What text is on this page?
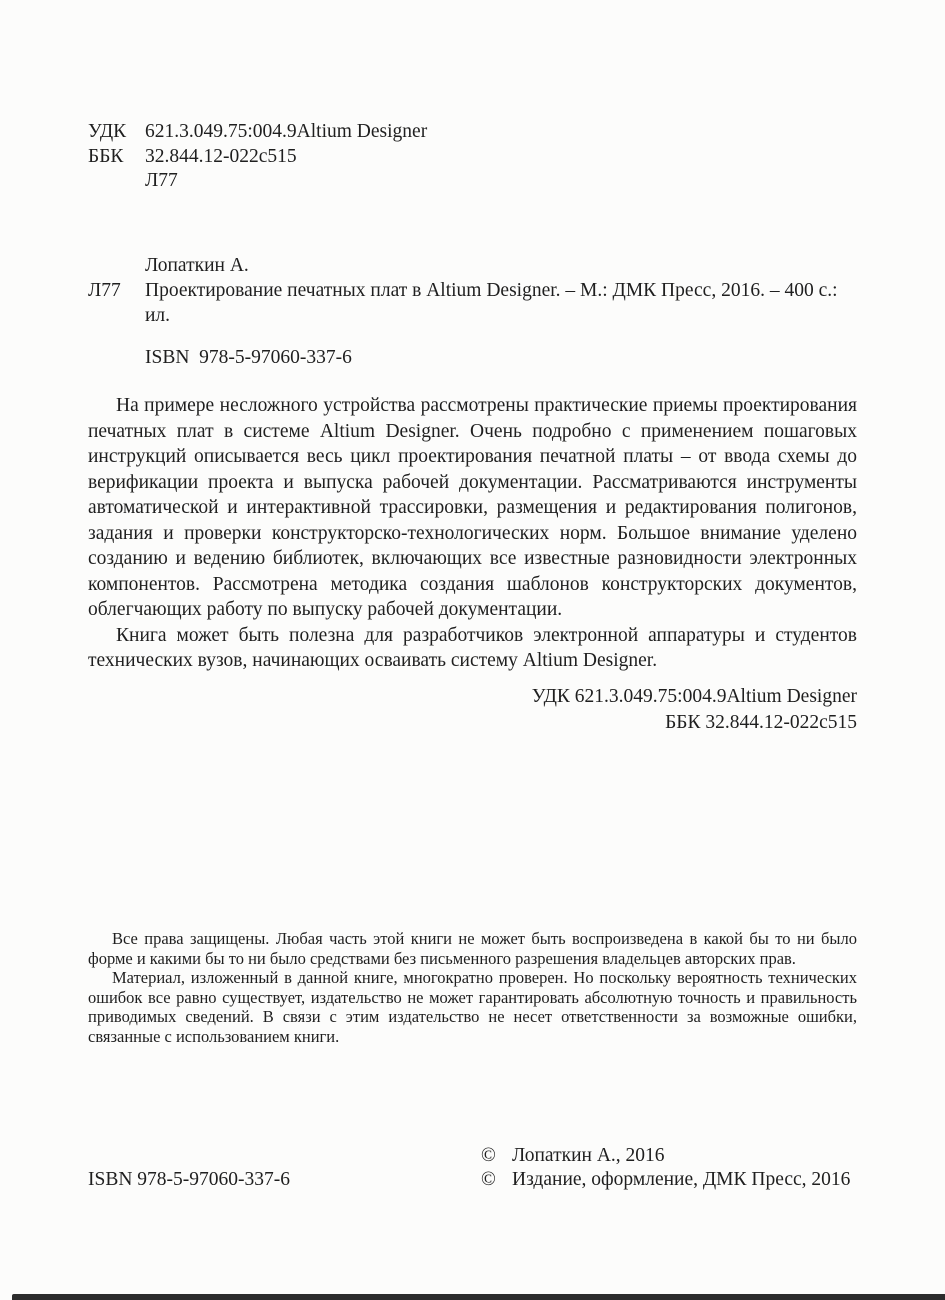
УДК 621.3.049.75:004.9Altium Designer
ББК	32.844.12-022с515
Л77
Лопаткин А.
Л77	Проектирование печатных плат в Altium Designer. – М.: ДМК Пресс, 2016. – 400 с.: ил.
ISBN  978-5-97060-337-6

На примере несложного устройства рассмотрены практические приемы проектирования печатных плат в системе Altium Designer. Очень подробно с применением пошаговых инструкций описывается весь цикл проектирования печатной платы – от ввода схемы до верификации проекта и выпуска рабочей документации. Рассматриваются инструменты автоматической и интерактивной трассировки, размещения и редактирования полигонов, задания и проверки конструкторско-технологических норм. Большое внимание уделено созданию и ведению библиотек, включающих все известные разновидности электронных компонентов. Рассмотрена методика создания шаблонов конструкторских документов, облегчающих работу по выпуску рабочей документации.

Книга может быть полезна для разработчиков электронной аппаратуры и студентов технических вузов, начинающих осваивать систему Altium Designer.

УДК 621.3.049.75:004.9Altium Designer
ББК 32.844.12-022с515

Все права защищены. Любая часть этой книги не может быть воспроизведена в какой бы то ни было форме и какими бы то ни было средствами без письменного разрешения владельцев авторских прав.

Материал, изложенный в данной книге, многократно проверен. Но поскольку вероятность технических ошибок все равно существует, издательство не может гарантировать абсолютную точность и правильность приводимых сведений. В связи с этим издательство не несет ответственности за возможные ошибки, связанные с использованием книги.

ISBN 978-5-97060-337-6
© Лопаткин А., 2016
© Издание, оформление, ДМК Пресс, 2016
